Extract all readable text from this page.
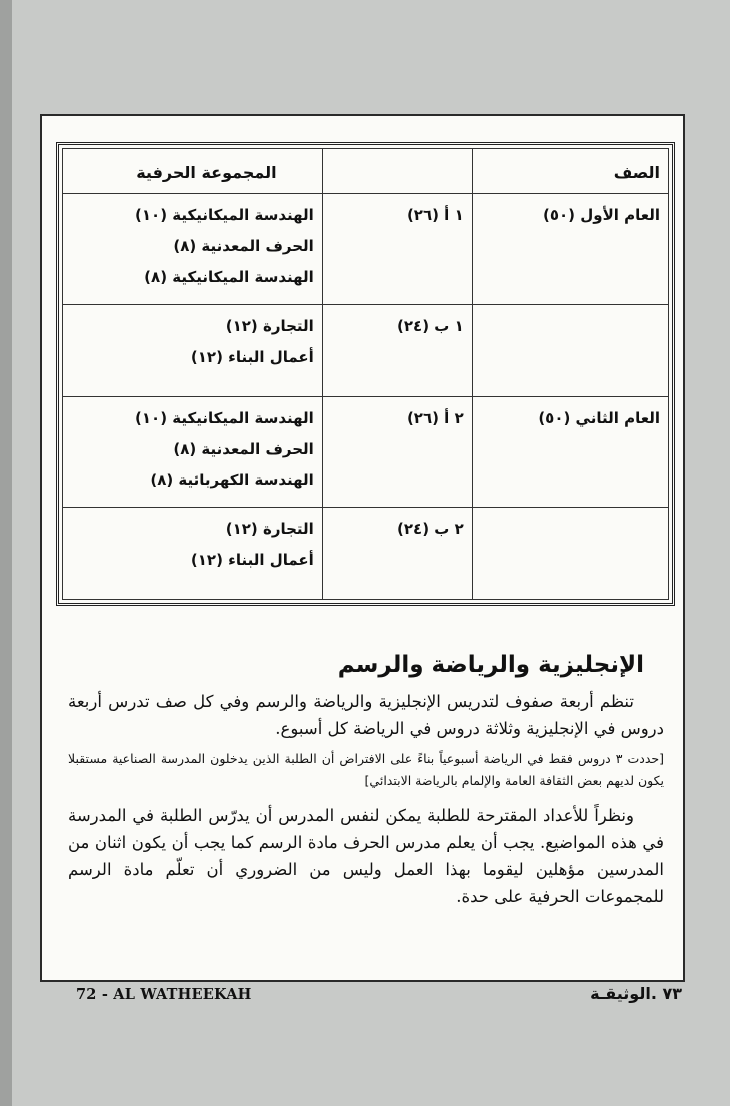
الصف		المجموعة الحرفية
العام الأول (٥٠)	١ أ (٢٦)	الهندسة الميكانيكية (١٠)
الحرف المعدنية (٨)
الهندسة الميكانيكية (٨)

	١ ب (٢٤)	التجارة (١٢)
أعمال البناء (١٢)

العام الثاني (٥٠)	٢ أ (٢٦)	الهندسة الميكانيكية (١٠)
الحرف المعدنية (٨)
الهندسة الكهربائية (٨)

	٢ ب (٢٤)	التجارة (١٢)
أعمال البناء (١٢)
الإنجليزية والرياضة والرسم

تنظم أربعة صفوف لتدريس الإنجليزية والرياضة والرسم وفي كل صف تدرس أربعة دروس في الإنجليزية وثلاثة دروس في الرياضة كل أسبوع.

[حددت ٣ دروس فقط في الرياضة أسبوعياً بناءً على الافتراض أن الطلبة الذين يدخلون المدرسة الصناعية مستقبلا يكون لديهم بعض الثقافة العامة والإلمام بالرياضة الابتدائي]

ونظراً للأعداد المقترحة للطلبة يمكن لنفس المدرس أن يدرّس الطلبة في المدرسة في هذه المواضيع. يجب أن يعلم مدرس الحرف مادة الرسم كما يجب أن يكون اثنان من المدرسين مؤهلين ليقوما بهذا العمل وليس من الضروري أن تعلّم مادة الرسم للمجموعات الحرفية على حدة.

72 - AL WATHEEKAH	٧٣ .الوثيقـة
